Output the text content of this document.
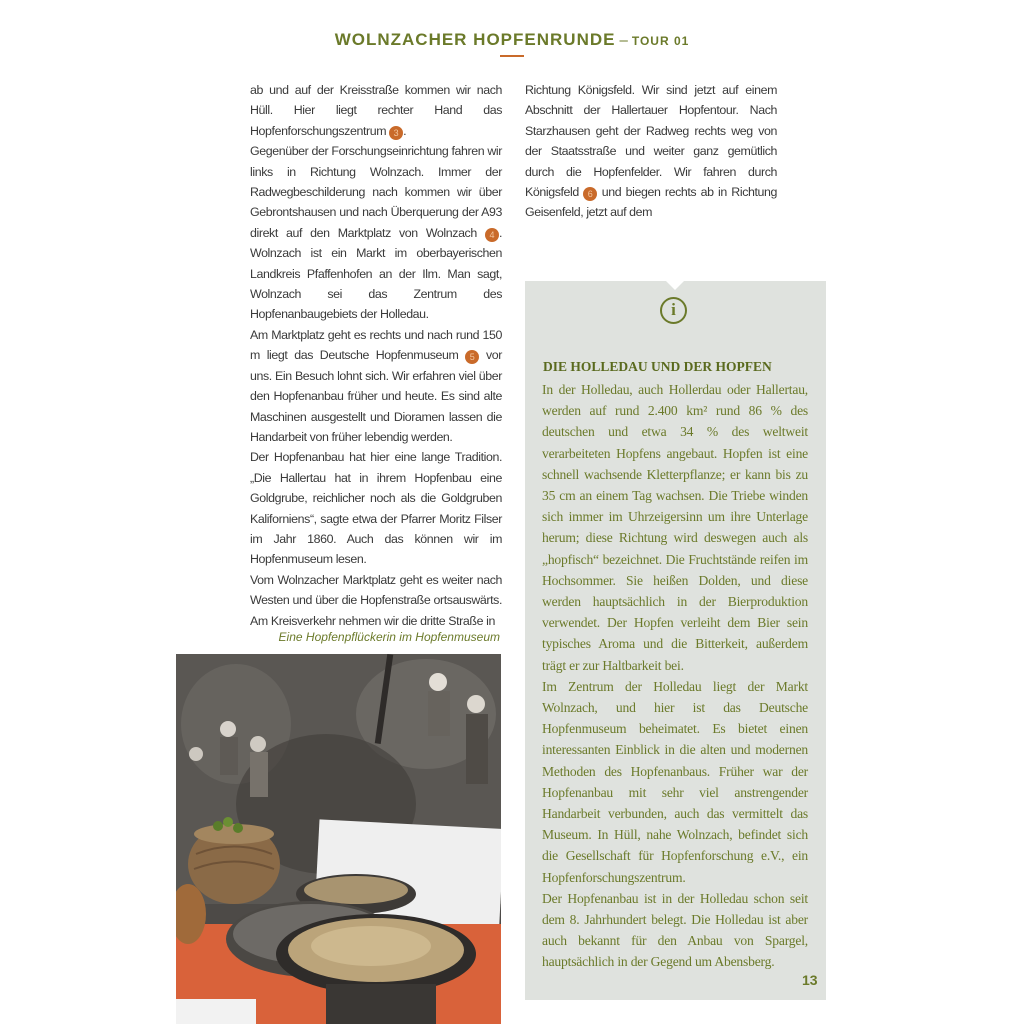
WOLNZACHER HOPFENRUNDE – TOUR 01

ab und auf der Kreisstraße kommen wir nach Hüll. Hier liegt rechter Hand das Hopfenforschungszentrum 3 .

Gegenüber der Forschungseinrichtung fahren wir links in Richtung Wolnzach. Immer der Radwegbeschilderung nach kommen wir über Gebrontshausen und nach Überquerung der A93 direkt auf den Marktplatz von Wolnzach 4 . Wolnzach ist ein Markt im oberbayerischen Landkreis Pfaffenhofen an der Ilm. Man sagt, Wolnzach sei das Zentrum des Hopfenanbaugebiets der Holledau.

Am Marktplatz geht es rechts und nach rund 150 m liegt das Deutsche Hopfenmuseum 5 vor uns. Ein Besuch lohnt sich. Wir erfahren viel über den Hopfenanbau früher und heute. Es sind alte Maschinen ausgestellt und Dioramen lassen die Handarbeit von früher lebendig werden.

Der Hopfenanbau hat hier eine lange Tradition. „Die Hallertau hat in ihrem Hopfenbau eine Goldgrube, reichlicher noch als die Goldgruben Kaliforniens“, sagte etwa der Pfarrer Moritz Filser im Jahr 1860. Auch das können wir im Hopfenmuseum lesen.

Vom Wolnzacher Marktplatz geht es weiter nach Westen und über die Hopfenstraße ortsauswärts. Am Kreisverkehr nehmen wir die dritte Straße in

Richtung Königsfeld. Wir sind jetzt auf einem Abschnitt der Hallertauer Hopfentour. Nach Starzhausen geht der Radweg rechts weg von der Staatsstraße und weiter ganz gemütlich durch die Hopfenfelder. Wir fahren durch Königsfeld 6 und biegen rechts ab in Richtung Geisenfeld, jetzt auf dem

Eine Hopfenpflückerin im Hopfenmuseum
i
DIE HOLLEDAU UND DER HOPFEN

In der Holledau, auch Hollerdau oder Hallertau, werden auf rund 2.400 km² rund 86 % des deutschen und etwa 34 % des weltweit verarbeiteten Hopfens angebaut. Hopfen ist eine schnell wachsende Kletterpflanze; er kann bis zu 35 cm an einem Tag wachsen. Die Triebe winden sich immer im Uhrzeigersinn um ihre Unterlage herum; diese Richtung wird deswegen auch als „hopfisch“ bezeichnet. Die Fruchtstände reifen im Hochsommer. Sie heißen Dolden, und diese werden hauptsächlich in der Bierproduktion verwendet. Der Hopfen verleiht dem Bier sein typisches Aroma und die Bitterkeit, außerdem trägt er zur Haltbarkeit bei.

Im Zentrum der Holledau liegt der Markt Wolnzach, und hier ist das Deutsche Hopfenmuseum beheimatet. Es bietet einen interessanten Einblick in die alten und modernen Methoden des Hopfenanbaus. Früher war der Hopfenanbau mit sehr viel anstrengender Handarbeit verbunden, auch das vermittelt das Museum. In Hüll, nahe Wolnzach, befindet sich die Gesellschaft für Hopfenforschung e.V., ein Hopfenforschungszentrum.

Der Hopfenanbau ist in der Holledau schon seit dem 8. Jahrhundert belegt. Die Holledau ist aber auch bekannt für den Anbau von Spargel, hauptsächlich in der Gegend um Abensberg.

13
